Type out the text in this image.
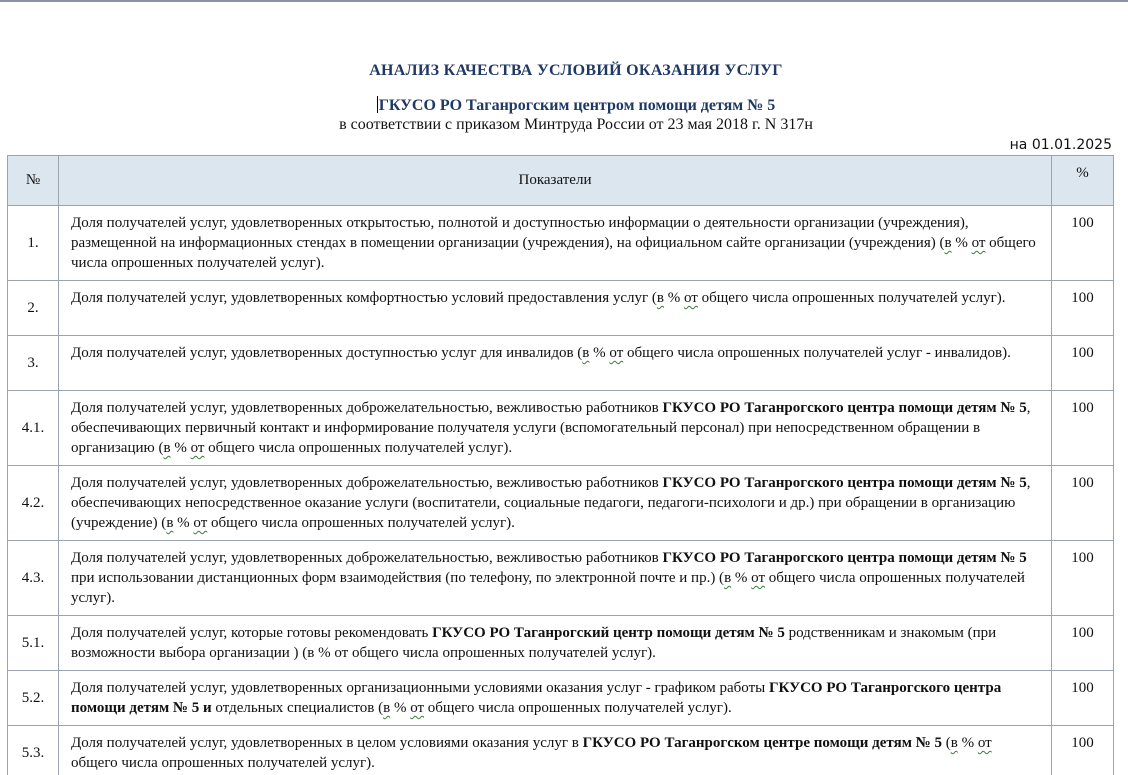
АНАЛИЗ КАЧЕСТВА УСЛОВИЙ ОКАЗАНИЯ УСЛУГ
ГКУСО РО Таганрогским центром помощи детям № 5
в соответствии с приказом Минтруда России от 23 мая 2018 г. N 317н
на 01.01.2025
№	Показатели	%
1.	Доля получателей услуг, удовлетворенных открытостью, полнотой и доступностью информации о деятельности организации (учреждения), размещенной на информационных стендах в помещении организации (учреждения), на официальном сайте организации (учреждения) (в % от общего числа опрошенных получателей услуг).	100
2.	Доля получателей услуг, удовлетворенных комфортностью условий предоставления услуг (в % от общего числа опрошенных получателей услуг).	100
3.	Доля получателей услуг, удовлетворенных доступностью услуг для инвалидов (в % от общего числа опрошенных получателей услуг - инвалидов).	100
4.1.	Доля получателей услуг, удовлетворенных доброжелательностью, вежливостью работников ГКУСО РО Таганрогского центра помощи детям № 5, обеспечивающих первичный контакт и информирование получателя услуги (вспомогательный персонал) при непосредственном обращении в организацию (в % от общего числа опрошенных получателей услуг).	100
4.2.	Доля получателей услуг, удовлетворенных доброжелательностью, вежливостью работников ГКУСО РО Таганрогского центра помощи детям № 5, обеспечивающих непосредственное оказание услуги (воспитатели, социальные педагоги, педагоги-психологи и др.) при обращении в организацию (учреждение) (в % от общего числа опрошенных получателей услуг).	100
4.3.	Доля получателей услуг, удовлетворенных доброжелательностью, вежливостью работников ГКУСО РО Таганрогского центра помощи детям № 5 при использовании дистанционных форм взаимодействия (по телефону, по электронной почте и пр.) (в % от общего числа опрошенных получателей услуг).	100
5.1.	Доля получателей услуг, которые готовы рекомендовать ГКУСО РО Таганрогский центр помощи детям № 5 родственникам и знакомым (при возможности выбора организации ) (в % от общего числа опрошенных получателей услуг).	100
5.2.	Доля получателей услуг, удовлетворенных организационными условиями оказания услуг - графиком работы ГКУСО РО Таганрогского центра помощи детям № 5 и отдельных специалистов (в % от общего числа опрошенных получателей услуг).	100
5.3.	Доля получателей услуг, удовлетворенных в целом условиями оказания услуг в ГКУСО РО Таганрогском центре помощи детям № 5 (в % от общего числа опрошенных получателей услуг).	100
